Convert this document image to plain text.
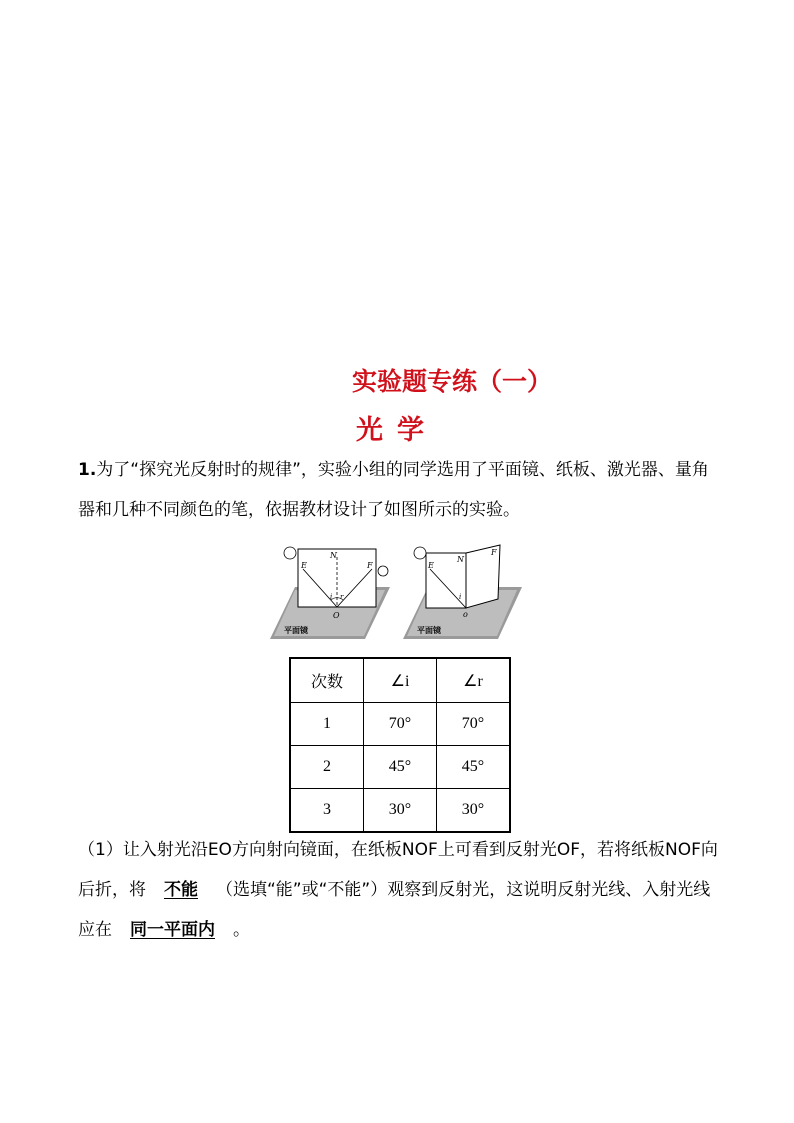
实验题专练（一）
光学
1.为了“探究光反射时的规律”，实验小组的同学选用了平面镜、纸板、激光器、量角器和几种不同颜色的笔，依据教材设计了如图所示的实验。
E
N
F
O
i r
平面镜
E
N
F
o
i
平面镜
次数	∠i	∠r
1	70°	70°
2	45°	45°
3	30°	30°
（1）让入射光沿EO方向射向镜面，在纸板NOF上可看到反射光OF，若将纸板NOF向后折，将 不能 （选填“能”或“不能”）观察到反射光，这说明反射光线、入射光线应在 同一平面内 。
